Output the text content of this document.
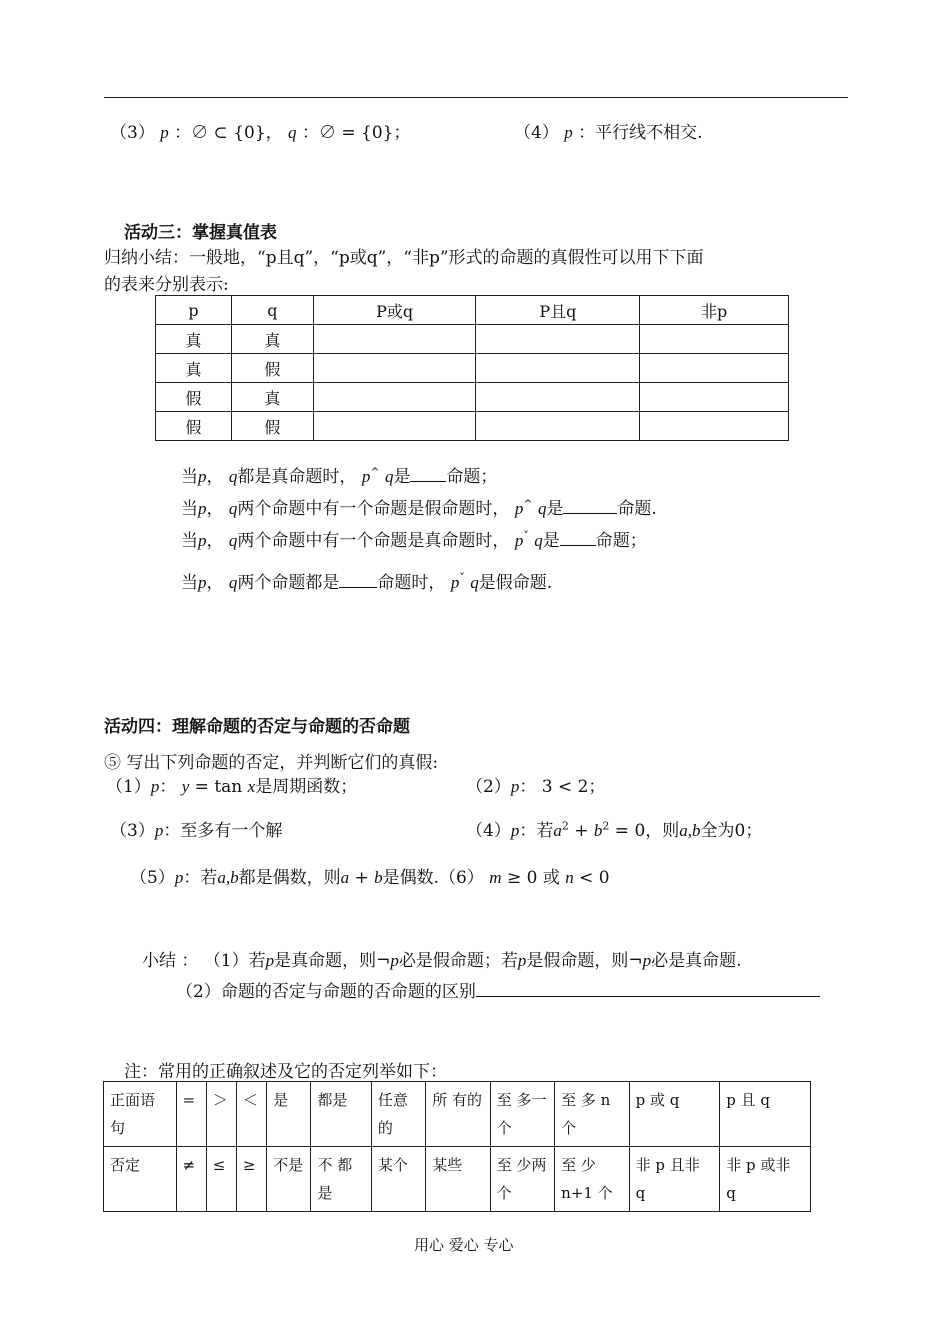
（3） p ：∅ ⊂ {0}， q ：∅ = {0}；	（4） p ：平行线不相交.
活动三：掌握真值表
归纳小结：一般地，“p且q”，“p或q”，“非p”形式的命题的真假性可以用下下面
的表来分别表示:
p	q	P或q	P且q	非p
真	真			
真	假			
假	真			
假	假			
当p， q都是真命题时， p^ q是 命题；
当p， q两个命题中有一个命题是假命题时， p^ q是	命题.
当p， q两个命题中有一个命题是真命题时， p˅ q是 命题；
当p， q两个命题都是 命题时， p˅ q是假命题.
活动四：理解命题的否定与命题的否命题
⑤ 写出下列命题的否定，并判断它们的真假:
（1）p： y = tan x是周期函数；	（2）p： 3 < 2；
（3）p：至多有一个解	（4）p：若$a^2 + b^2 = 0$，则a,b全为0；
（5）p：若a,b都是偶数，则a + b是偶数.（6） m ≥ 0 或 n < 0
小结 ： （1）若p是真命题，则¬p必是假命题；若p是假命题，则¬p必是真命题.
（2）命题的否定与命题的否命题的区别
注：常用的正确叙述及它的否定列举如下：
正面语句	=	＞	＜	是	都是	任意的	所 有的	至 多一个	至 多 n 个	p 或 q	p 且 q
否定	≠	≤	≥	不是	不 都是	某个	某些	至 少两个	至 少 n+1 个	非 p 且非 q	非 p 或非 q
用心 爱心 专心
